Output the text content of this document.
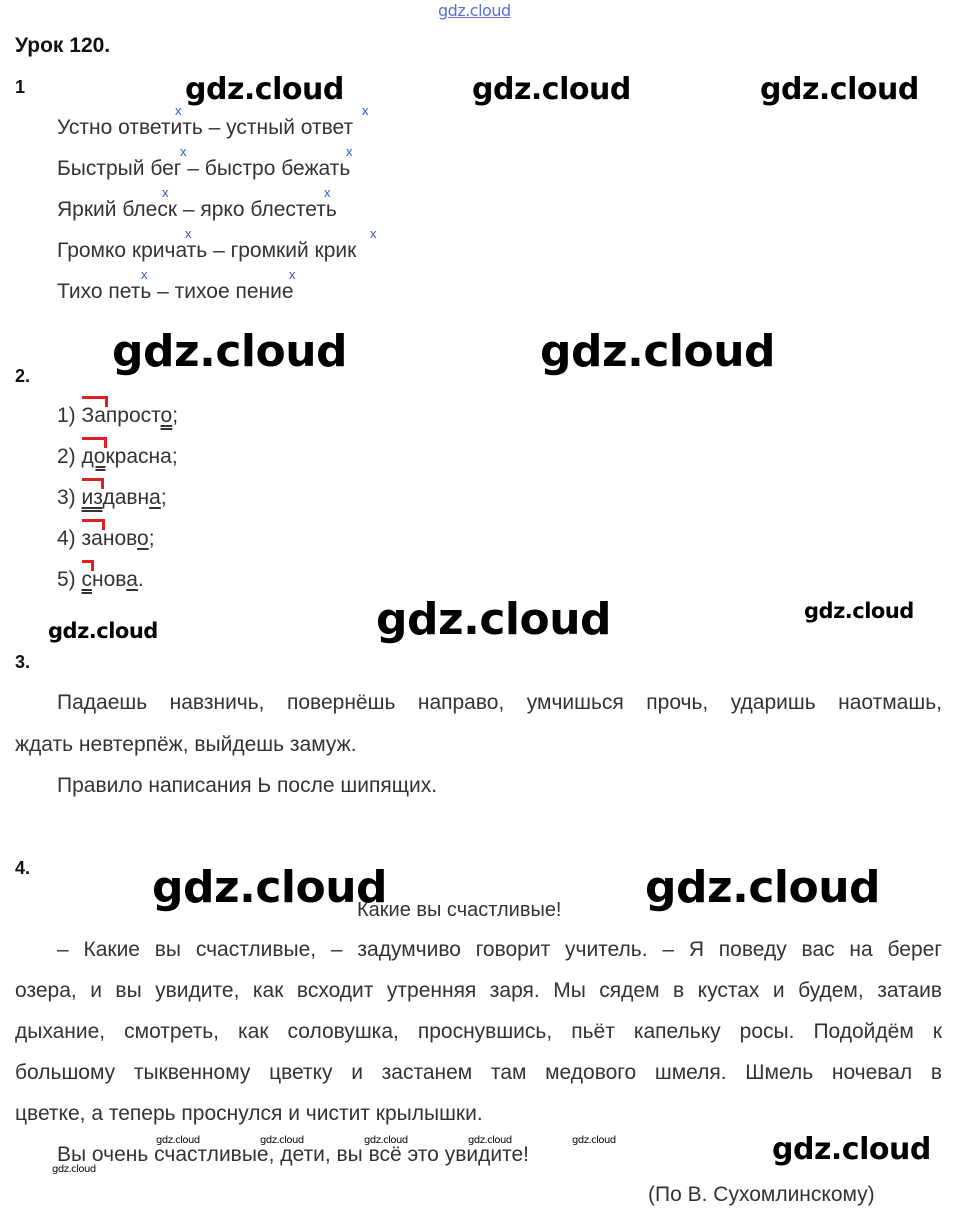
gdz.cloud
Урок 120.
1	gdz.cloud	gdz.cloud	gdz.cloud
x	x
Устно ответить – устный ответ
x	x
Быстрый бег – быстро бежать
x	x
Яркий блеск – ярко блестеть
x	x
Громко кричать – громкий крик
x	x
Тихо петь – тихое пение
gdz.cloud	gdz.cloud
2.
1) Запросто;
2) докрасна;
3) издавна;
4) заново;
5) снова.
gdz.cloud	gdz.cloud	gdz.cloud
3.
Падаешь навзничь, повернёшь направо, умчишься прочь, ударишь наотмашь,
ждать невтерпёж, выйдешь замуж.
Правило написания Ь после шипящих.
4.	gdz.cloud
Какие вы счастливые! gdz.cloud
– Какие вы счастливые, – задумчиво говорит учитель. – Я поведу вас на берег
озера, и вы увидите, как всходит утренняя заря. Мы сядем в кустах и будем, затаив
дыхание, смотреть, как соловушка, проснувшись, пьёт капельку росы. Подойдём к
большому тыквенному цветку и застанем там медового шмеля. Шмель ночевал в
цветке, а теперь проснулся и чистит крылышки.
gdz.cloud	gdz.cloud	gdz.cloud	gdz.cloud	gdz.cloud
Вы очень счастливые, дети, вы всё это увидите!
gdz.cloud
gdz.cloud
(По В. Сухомлинскому)
